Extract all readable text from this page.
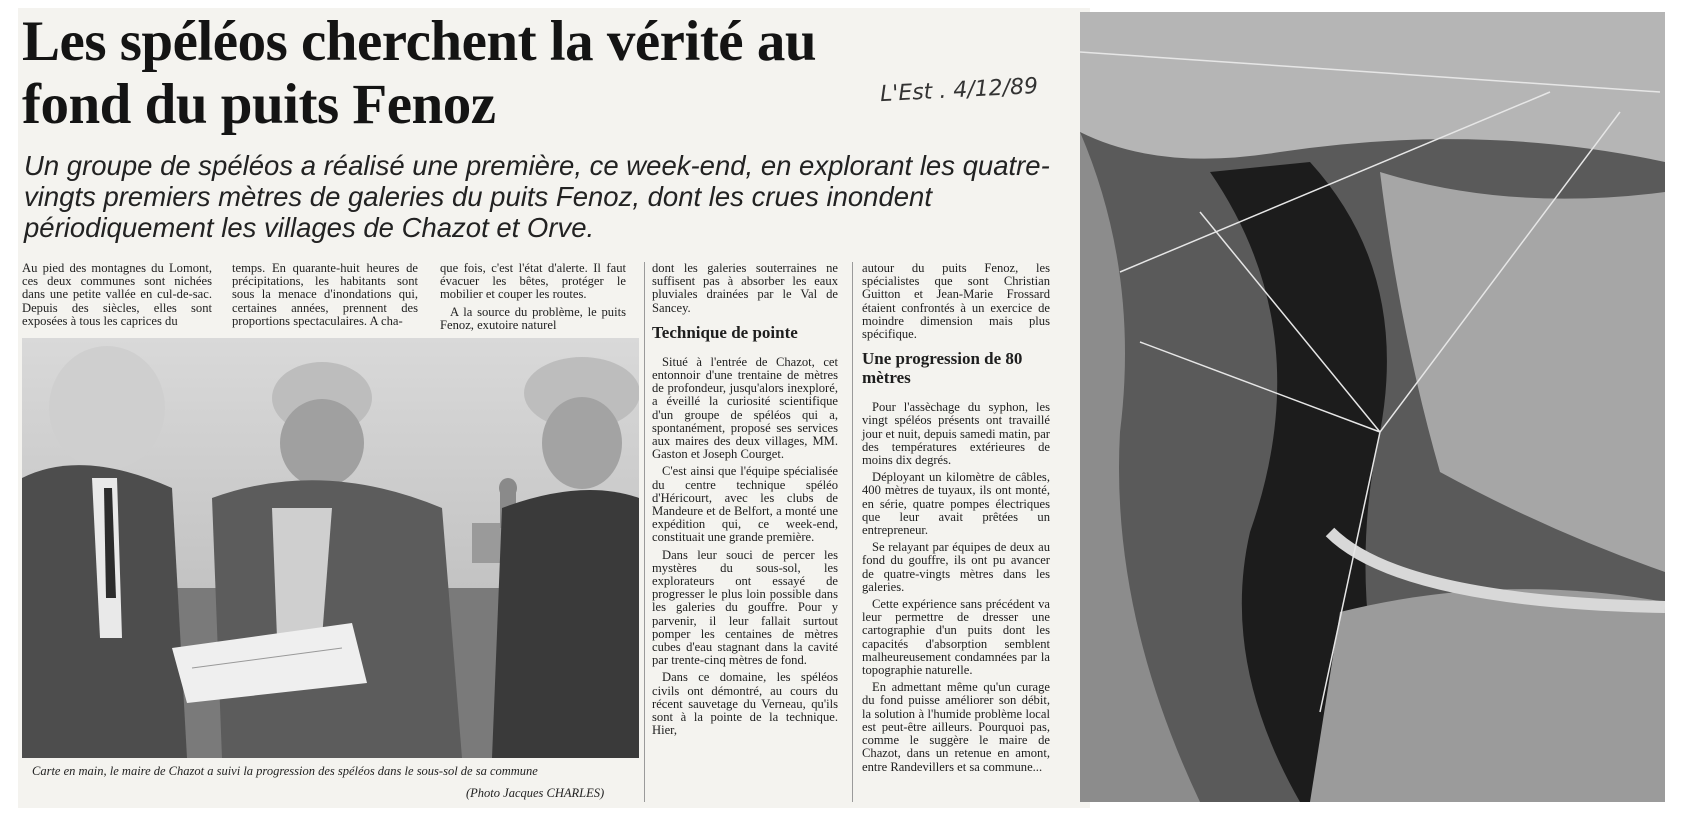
Les spéléos cherchent la vérité au fond du puits Fenoz	L'Est . 4/12/89

Un groupe de spéléos a réalisé une première, ce week-end, en explorant les quatre-vingts premiers mètres de galeries du puits Fenoz, dont les crues inondent périodiquement les villages de Chazot et Orve.

Au pied des montagnes du Lomont, ces deux communes sont nichées dans une petite vallée en cul-de-sac. Depuis des siècles, elles sont exposées à tous les caprices du

temps. En quarante-huit heures de précipitations, les habitants sont sous la menace d'inondations qui, certaines années, prennent des proportions spectaculaires. A cha-

que fois, c'est l'état d'alerte. Il faut évacuer les bêtes, protéger le mobilier et couper les routes.

A la source du problème, le puits Fenoz, exutoire naturel

dont les galeries souterraines ne suffisent pas à absorber les eaux pluviales drainées par le Val de Sancey.

Technique de pointe

Situé à l'entrée de Chazot, cet entonnoir d'une trentaine de mètres de profondeur, jusqu'alors inexploré, a éveillé la curiosité scientifique d'un groupe de spéléos qui a, spontanément, proposé ses services aux maires des deux villages, MM. Gaston et Joseph Courget.

C'est ainsi que l'équipe spécialisée du centre technique spéléo d'Héricourt, avec les clubs de Mandeure et de Belfort, a monté une expédition qui, ce week-end, constituait une grande première.

Dans leur souci de percer les mystères du sous-sol, les explorateurs ont essayé de progresser le plus loin possible dans les galeries du gouffre. Pour y parvenir, il leur fallait surtout pomper les centaines de mètres cubes d'eau stagnant dans la cavité par trente-cinq mètres de fond.

Dans ce domaine, les spéléos civils ont démontré, au cours du récent sauvetage du Verneau, qu'ils sont à la pointe de la technique. Hier,

autour du puits Fenoz, les spécialistes que sont Christian Guitton et Jean-Marie Frossard étaient confrontés à un exercice de moindre dimension mais plus spécifique.

Une progression de 80 mètres

Pour l'assèchage du syphon, les vingt spéléos présents ont travaillé jour et nuit, depuis samedi matin, par des températures extérieures de moins dix degrés.

Déployant un kilomètre de câbles, 400 mètres de tuyaux, ils ont monté, en série, quatre pompes électriques que leur avait prêtées un entrepreneur.

Se relayant par équipes de deux au fond du gouffre, ils ont pu avancer de quatre-vingts mètres dans les galeries.

Cette expérience sans précédent va leur permettre de dresser une cartographie d'un puits dont les capacités d'absorption semblent malheureusement condamnées par la topographie naturelle.

En admettant même qu'un curage du fond puisse améliorer son débit, la solution à l'humide problème local est peut-être ailleurs. Pourquoi pas, comme le suggère le maire de Chazot, dans un retenue en amont, entre Randevillers et sa commune...

Carte en main, le maire de Chazot a suivi la progression des spéléos dans le sous-sol de sa commune
(Photo Jacques CHARLES)
